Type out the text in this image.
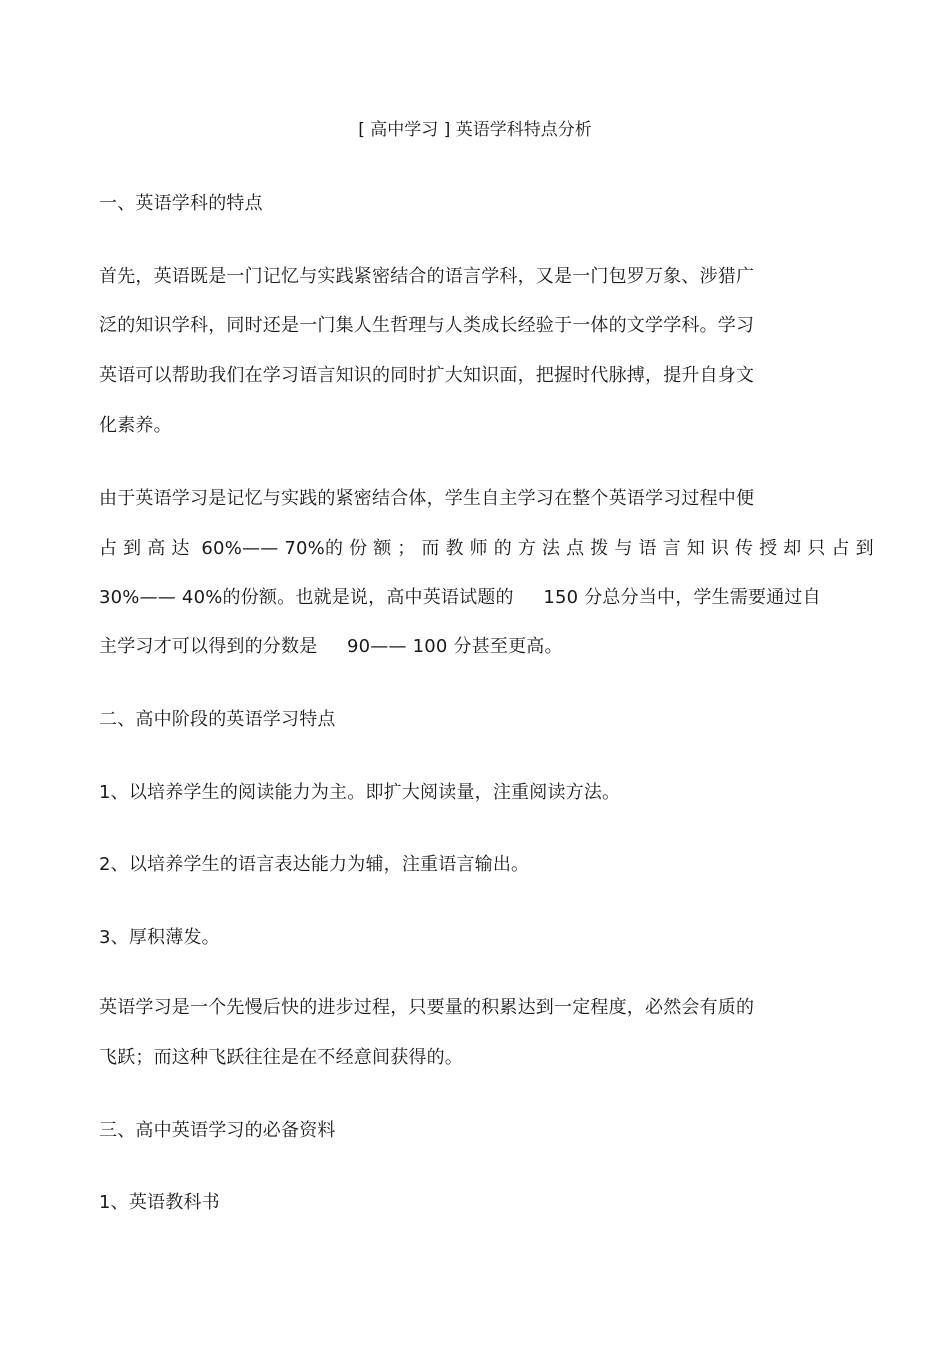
[ 高中学习 ] 英语学科特点分析
一、英语学科的特点
首先，英语既是一门记忆与实践紧密结合的语言学科，又是一门包罗万象、涉猎广
泛的知识学科，同时还是一门集人生哲理与人类成长经验于一体的文学学科。学习
英语可以帮助我们在学习语言知识的同时扩大知识面，把握时代脉搏，提升自身文
化素养。
由于英语学习是记忆与实践的紧密结合体，学生自主学习在整个英语学习过程中便
占 到 高 达  60%—— 70%的 份 额 ； 而 教 师 的 方 法 点 拨 与 语 言 知 识 传 授 却 只 占 到
30%—— 40%的份额。也就是说，高中英语试题的     150 分总分当中，学生需要通过自
主学习才可以得到的分数是     90—— 100 分甚至更高。
二、高中阶段的英语学习特点
1、以培养学生的阅读能力为主。即扩大阅读量，注重阅读方法。
2、以培养学生的语言表达能力为辅，注重语言输出。
3、厚积薄发。
英语学习是一个先慢后快的进步过程，只要量的积累达到一定程度，必然会有质的
飞跃；而这种飞跃往往是在不经意间获得的。
三、高中英语学习的必备资料
1、英语教科书
